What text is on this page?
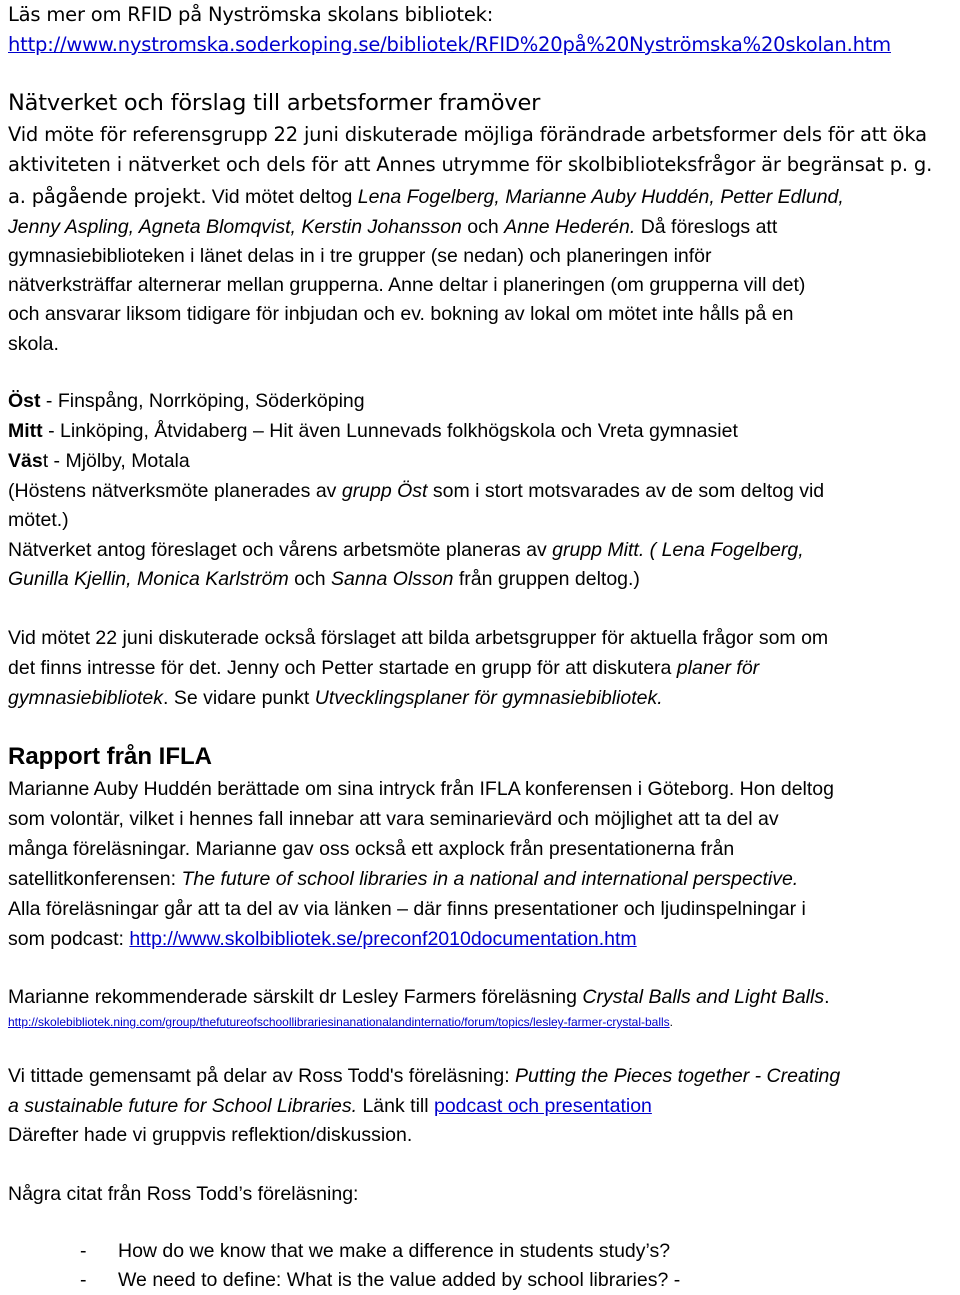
Läs mer om RFID på Nyströmska skolans bibliotek:
http://www.nystromska.soderkoping.se/bibliotek/RFID%20på%20Nyströmska%20skolan.htm
Nätverket och förslag till arbetsformer framöver
Vid möte för referensgrupp 22 juni diskuterade möjliga förändrade arbetsformer dels för att öka
aktiviteten i nätverket och dels för att Annes utrymme för skolbiblioteksfrågor är begränsat p. g.
a. pågående projekt. Vid mötet deltog Lena Fogelberg, Marianne Auby Huddén, Petter Edlund,
Jenny Aspling, Agneta Blomqvist, Kerstin Johansson och Anne Hederén. Då föreslogs att
gymnasiebiblioteken i länet delas in i tre grupper (se nedan) och planeringen inför
nätverksträffar alternerar mellan grupperna. Anne deltar i planeringen (om grupperna vill det)
och ansvarar liksom tidigare för inbjudan och ev. bokning av lokal om mötet inte hålls på en
skola.
Öst - Finspång, Norrköping, Söderköping
Mitt - Linköping, Åtvidaberg – Hit även Lunnevads folkhögskola och Vreta gymnasiet
Väst - Mjölby, Motala
(Höstens nätverksmöte planerades av grupp Öst som i stort motsvarades av de som deltog vid
mötet.)
Nätverket antog föreslaget och vårens arbetsmöte planeras av grupp Mitt. ( Lena Fogelberg,
Gunilla Kjellin, Monica Karlström och Sanna Olsson från gruppen deltog.)
Vid mötet 22 juni diskuterade också förslaget att bilda arbetsgrupper för aktuella frågor som om
det finns intresse för det. Jenny och Petter startade en grupp för att diskutera planer för
gymnasiebibliotek. Se vidare punkt Utvecklingsplaner för gymnasiebibliotek.
Rapport från IFLA
Marianne Auby Huddén berättade om sina intryck från IFLA konferensen i Göteborg. Hon deltog
som volontär, vilket i hennes fall innebar att vara seminarievärd och möjlighet att ta del av
många föreläsningar. Marianne gav oss också ett axplock från presentationerna från
satellitkonferensen: The future of school libraries in a national and international perspective.
Alla föreläsningar går att ta del av via länken – där finns presentationer och ljudinspelningar i
som podcast: http://www.skolbibliotek.se/preconf2010documentation.htm
Marianne rekommenderade särskilt dr Lesley Farmers föreläsning Crystal Balls and Light Balls.
http://skolebibliotek.ning.com/group/thefutureofschoollibrariesinanationalandinternatio/forum/topics/lesley-farmer-crystal-balls.
Vi tittade gemensamt på delar av Ross Todd's föreläsning: Putting the Pieces together - Creating
a sustainable future for School Libraries. Länk till podcast och presentation
Därefter hade vi gruppvis reflektion/diskussion.
Några citat från Ross Todd’s föreläsning:
- How do we know that we make a difference in students study’s?
- We need to define: What is the value added by school libraries? -
